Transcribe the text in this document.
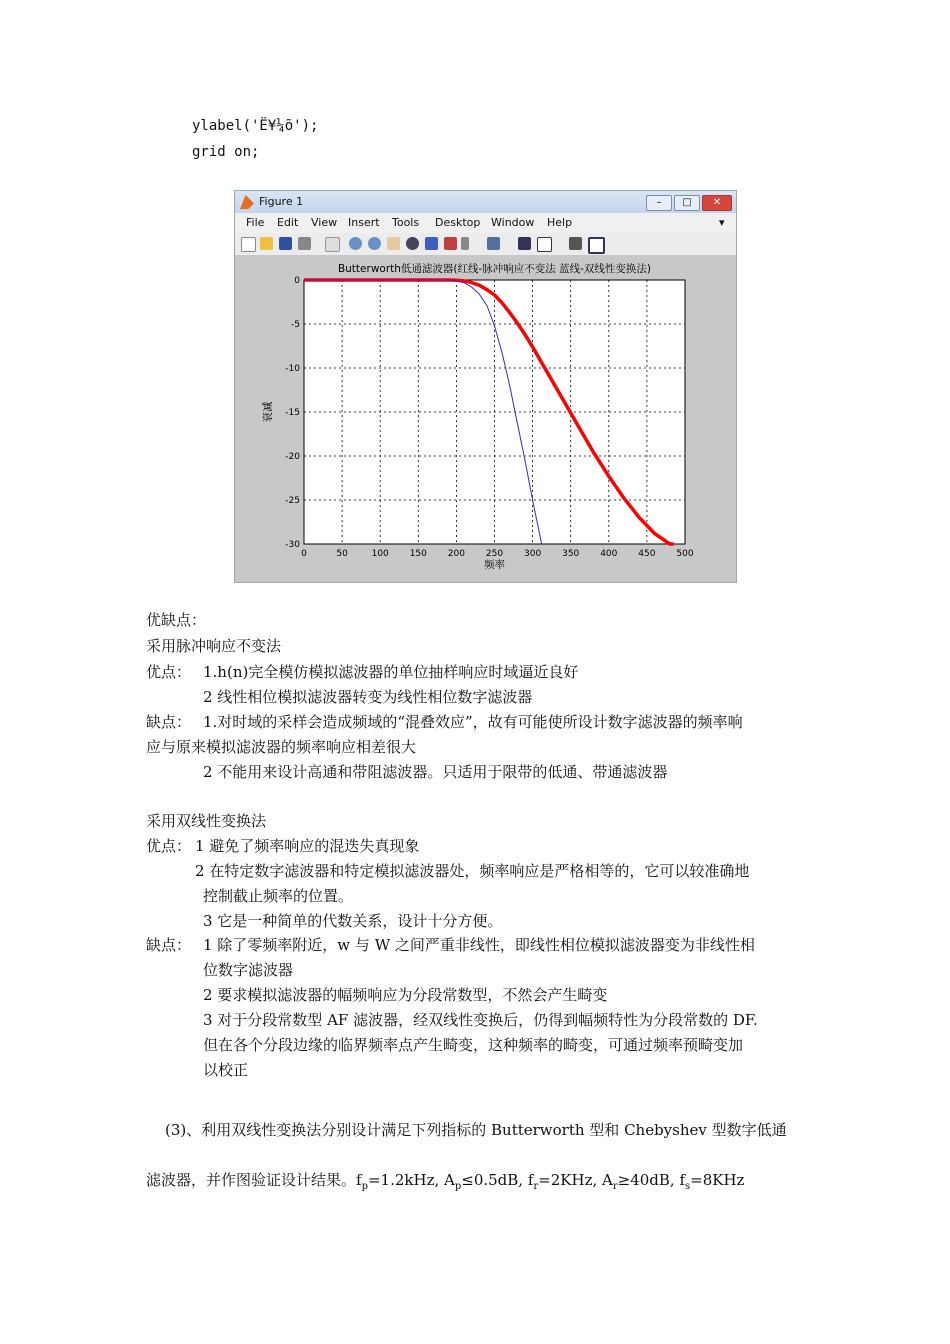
ylabel('Ë¥¼õ');
grid on;
Figure 1	–	□	✕
File Edit View Insert Tools Desktop Window Help	▾
0	50	100 150 200 250 300 350 400 450 500
0
-5
-10
-15
-20
-25
-30
Butterworth低通滤波器(红线-脉冲响应不变法 蓝线-双线性变换法)
频率
衰减
优缺点：
采用脉冲响应不变法
优点： 1.h(n)完全模仿模拟滤波器的单位抽样响应时域逼近良好
2 线性相位模拟滤波器转变为线性相位数字滤波器
缺点： 1.对时域的采样会造成频域的“混叠效应”，故有可能使所设计数字滤波器的频率响
应与原来模拟滤波器的频率响应相差很大
2 不能用来设计高通和带阻滤波器。只适用于限带的低通、带通滤波器
采用双线性变换法
优点： 1 避免了频率响应的混迭失真现象
2 在特定数字滤波器和特定模拟滤波器处，频率响应是严格相等的，它可以较准确地
控制截止频率的位置。
3 它是一种简单的代数关系，设计十分方便。
缺点： 1 除了零频率附近，w 与 W 之间严重非线性，即线性相位模拟滤波器变为非线性相
位数字滤波器
2 要求模拟滤波器的幅频响应为分段常数型，不然会产生畸变
3 对于分段常数型 AF 滤波器，经双线性变换后，仍得到幅频特性为分段常数的 DF.
但在各个分段边缘的临界频率点产生畸变，这种频率的畸变，可通过频率预畸变加
以校正
(3)、利用双线性变换法分别设计满足下列指标的 Butterworth 型和 Chebyshev 型数字低通
滤波器，并作图验证设计结果。$f_p=1.2kHz$, $A_p\le 0.5dB$, $f_r=2KHz$, $A_r\ge 40dB$, $f_s=8KHz$
